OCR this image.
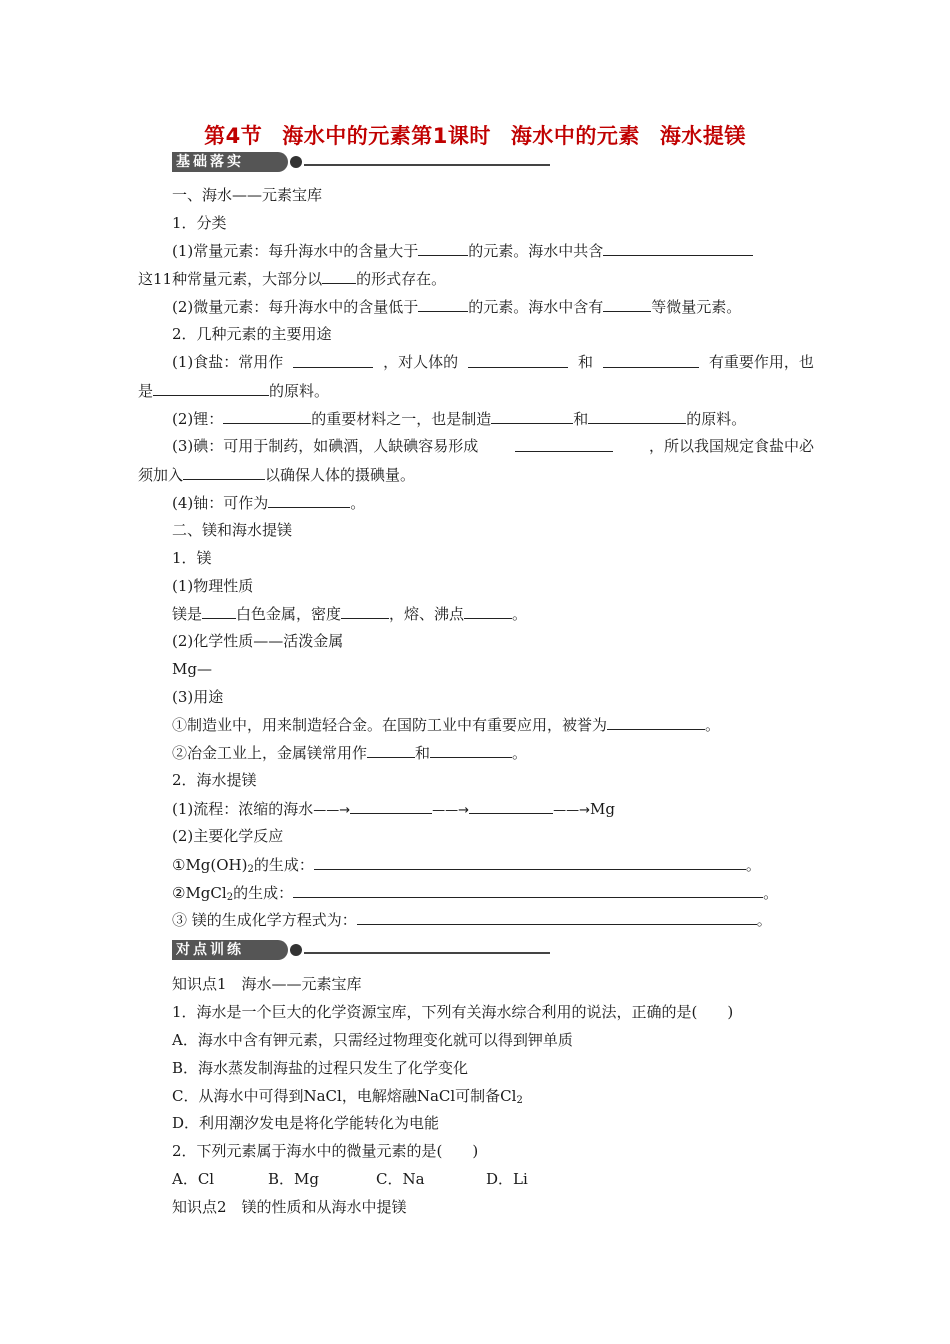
第4节 海水中的元素第1课时 海水中的元素 海水提镁
基础落实
一、海水——元素宝库
1．分类
(1)常量元素：每升海水中的含量大于	的元素。海水中共含
这11种常量元素，大部分以 的形式存在。
(2)微量元素：每升海水中的含量低于	的元素。海水中含有	等微量元素。
2．几种元素的主要用途
(1)食盐：常用作	，对人体的	和	有重要作用，也
是	的原料。
(2)锂：	的重要材料之一，也是制造	和	的原料。
(3)碘：可用于制药，如碘酒，人缺碘容易形成	，所以我国规定食盐中必
须加入	以确保人体的摄碘量。
(4)铀：可作为	。
二、镁和海水提镁
1．镁
(1)物理性质
镁是 白色金属，密度	，熔、沸点	。
(2)化学性质——活泼金属
Mg—
(3)用途
①制造业中，用来制造轻合金。在国防工业中有重要应用，被誉为	。
②冶金工业上，金属镁常用作	和	。
2．海水提镁
(1)流程：浓缩的海水——→	——→	——→Mg
(2)主要化学反应
$①Mg(OH)_2$的生成：	。
②MgCl$_2$的生成：	。
③ 镁的生成化学方程式为：	。
对点训练
知识点1　海水——元素宝库
1．海水是一个巨大的化学资源宝库，下列有关海水综合利用的说法，正确的是(　　)
A．海水中含有钾元素，只需经过物理变化就可以得到钾单质
B．海水蒸发制海盐的过程只发生了化学变化
C．从海水中可得到NaCl，电解熔融NaCl可制备$Cl_2$
D．利用潮汐发电是将化学能转化为电能
2．下列元素属于海水中的微量元素的是(　　)
A．Cl	B．Mg	C．Na	D．Li
知识点2　镁的性质和从海水中提镁
